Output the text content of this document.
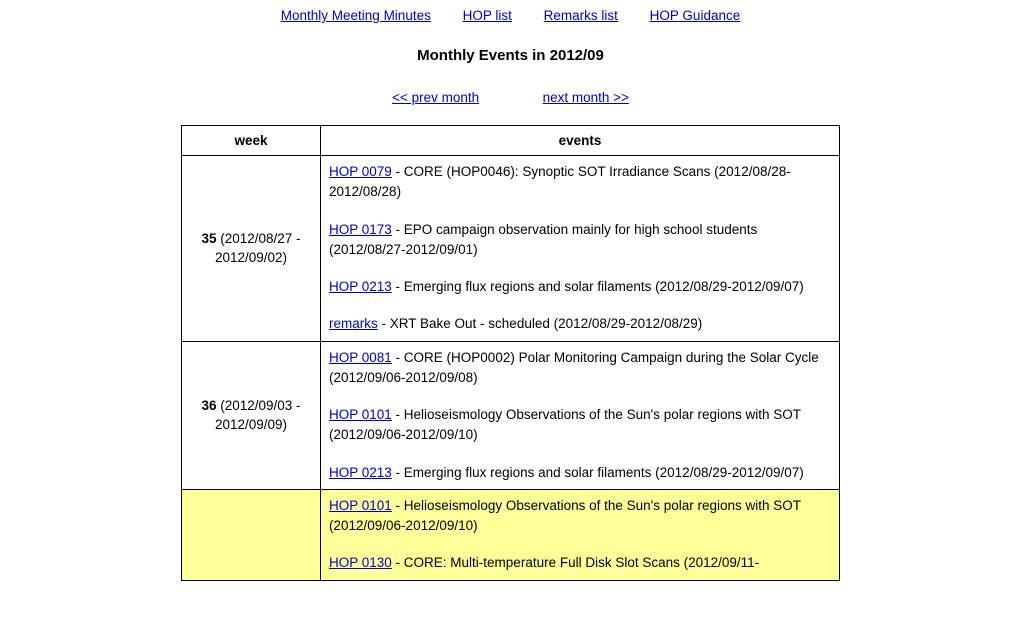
Monthly Meeting Minutes HOP list Remarks list HOP Guidance
Monthly Events in 2012/09
<< prev month	next month >>
week	events
35 (2012/08/27 - 2012/09/02)	HOP 0079 - CORE (HOP0046): Synoptic SOT Irradiance Scans (2012/08/28-2012/08/28)
HOP 0173 - EPO campaign observation mainly for high school students (2012/08/27-2012/09/01)
HOP 0213 - Emerging flux regions and solar filaments (2012/08/29-2012/09/07)
remarks - XRT Bake Out - scheduled (2012/08/29-2012/08/29)

36 (2012/09/03 - 2012/09/09)	HOP 0081 - CORE (HOP0002) Polar Monitoring Campaign during the Solar Cycle (2012/09/06-2012/09/08)
HOP 0101 - Helioseismology Observations of the Sun's polar regions with SOT (2012/09/06-2012/09/10)
HOP 0213 - Emerging flux regions and solar filaments (2012/08/29-2012/09/07)

	HOP 0101 - Helioseismology Observations of the Sun's polar regions with SOT (2012/09/06-2012/09/10)
HOP 0130 - CORE: Multi-temperature Full Disk Slot Scans (2012/09/11-
